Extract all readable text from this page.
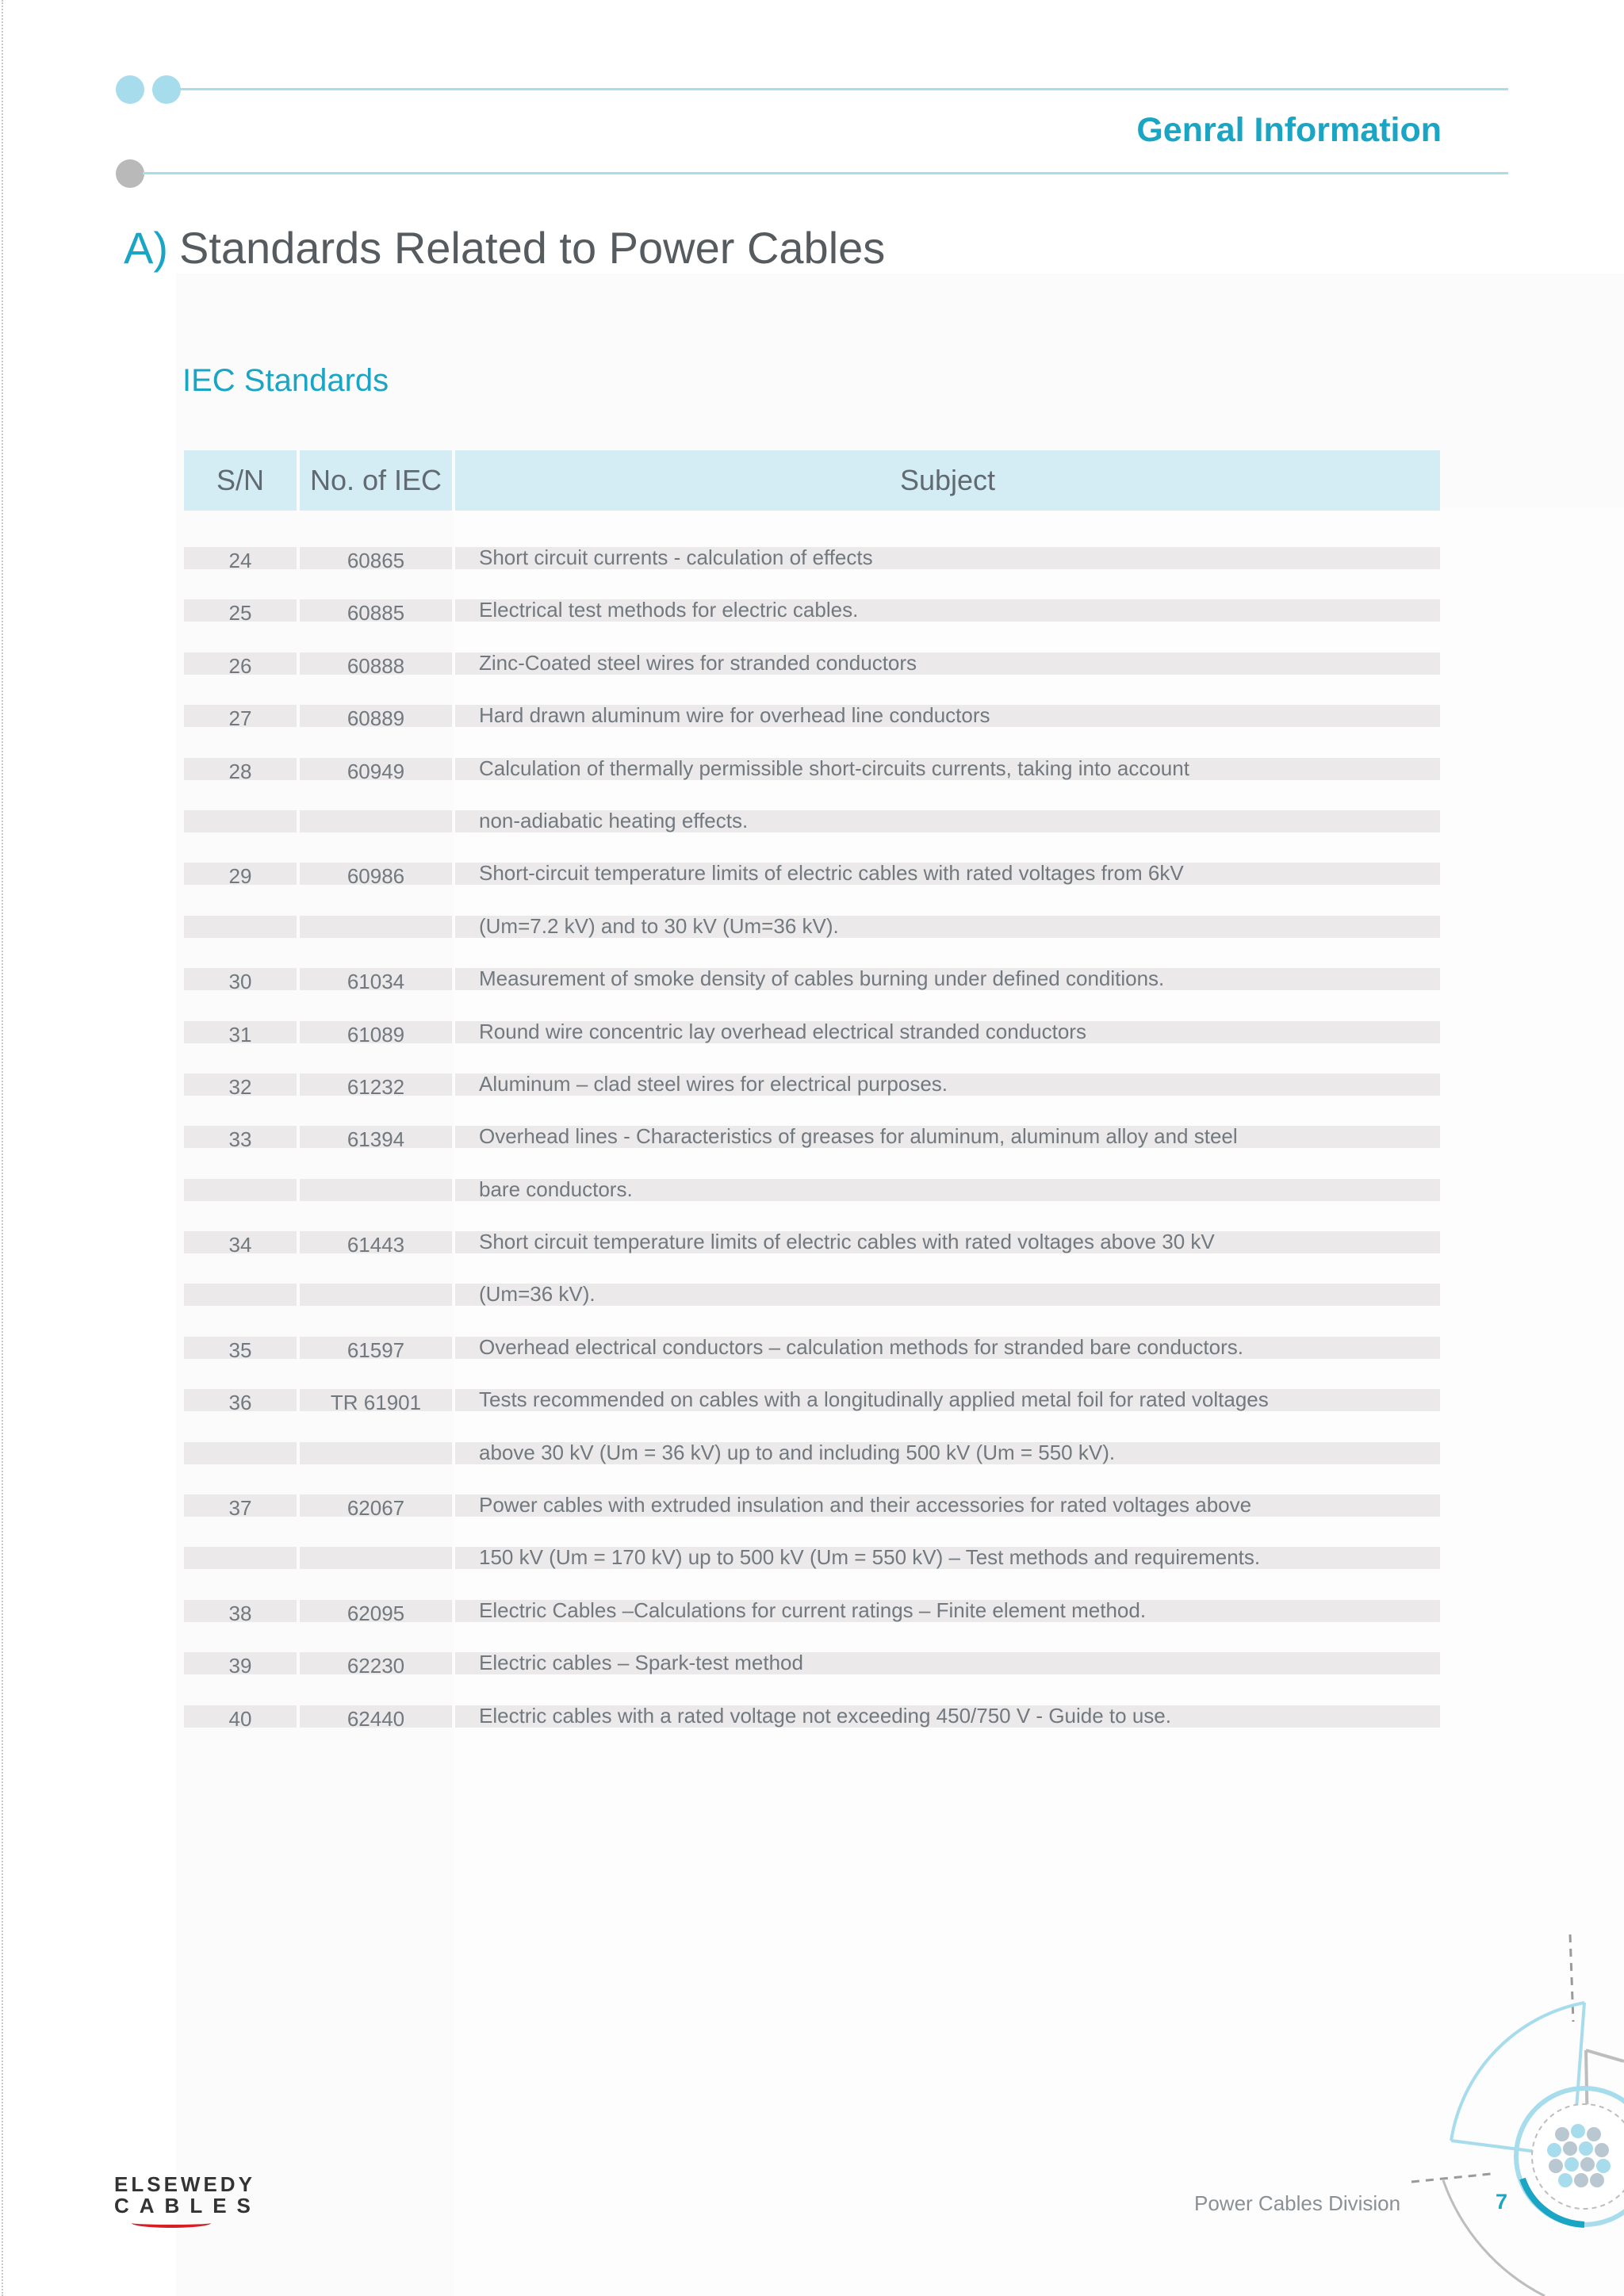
Genral Information
A) Standards Related to Power Cables
IEC Standards
S/N	No. of IEC	Subject
24	60865	Short circuit currents - calculation of effects
25	60885	Electrical test methods for electric cables.
26	60888	Zinc-Coated steel wires for stranded conductors
27	60889	Hard drawn aluminum wire for overhead line conductors
28	60949	Calculation of thermally permissible short-circuits currents, taking into account
non-adiabatic heating effects.
29	60986	Short-circuit temperature limits of electric cables with rated voltages from 6kV
(Um=7.2 kV) and to 30 kV (Um=36 kV).
30	61034	Measurement of smoke density of cables burning under defined conditions.
31	61089	Round wire concentric lay overhead electrical stranded conductors
32	61232	Aluminum – clad steel wires for electrical purposes.
33	61394	Overhead lines - Characteristics of greases for aluminum, aluminum alloy and steel
bare conductors.
34	61443	Short circuit temperature limits of electric cables with rated voltages above 30 kV
(Um=36 kV).
35	61597	Overhead electrical conductors – calculation methods for stranded bare conductors.
36	TR 61901	Tests recommended on cables with a longitudinally applied metal foil for rated voltages
above 30 kV (Um = 36 kV) up to and including 500 kV (Um = 550 kV).
37	62067	Power cables with extruded insulation and their accessories for rated voltages above
150 kV (Um = 170 kV) up to 500 kV (Um = 550 kV) – Test methods and requirements.
38	62095	Electric Cables –Calculations for current ratings – Finite element method.
39	62230	Electric cables – Spark-test method
40	62440	Electric cables with a rated voltage not exceeding 450/750 V - Guide to use.
ELSEWEDY
CABLES	Power Cables Division	7
